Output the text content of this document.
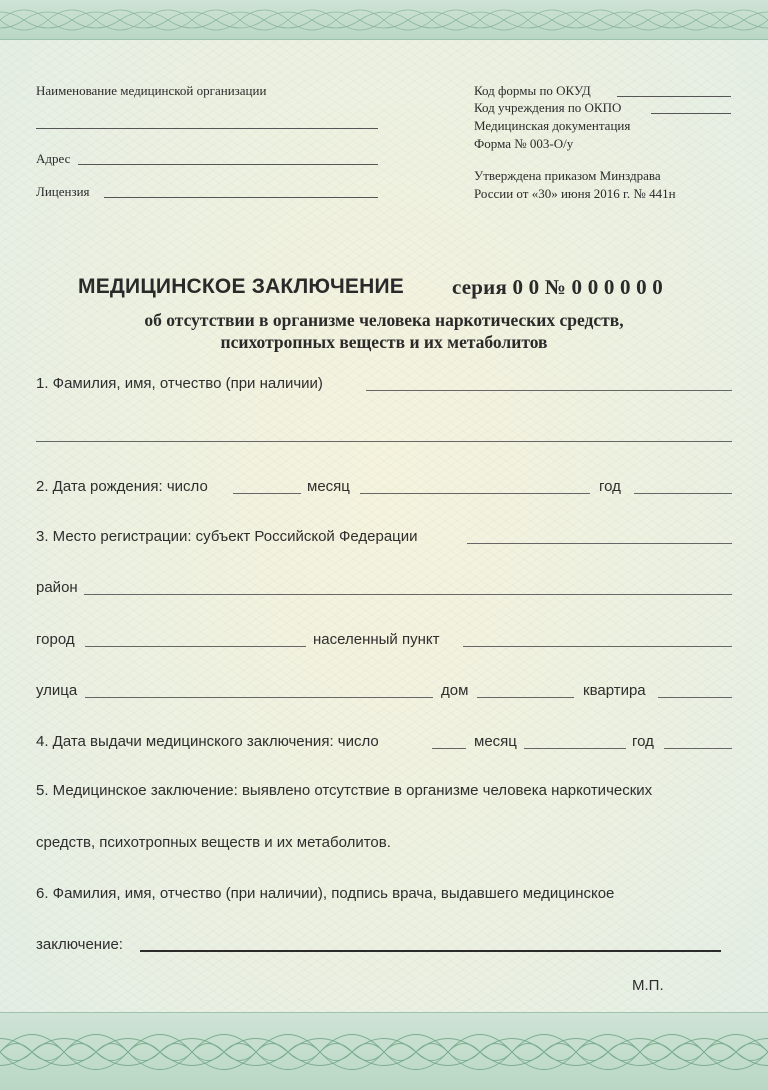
Наименование медицинской организации
Адрес
Лицензия
Код формы по ОКУД
Код учреждения по ОКПО
Медицинская документация
Форма № 003-О/у
Утверждена приказом Минздрава
России от «30» июня 2016 г. № 441н
МЕДИЦИНСКОЕ ЗАКЛЮЧЕНИЕ серия 0 0 № 0 0 0 0 0 0
об отсутствии в организме человека наркотических средств,
психотропных веществ и их метаболитов
1. Фамилия, имя, отчество (при наличии)
2. Дата рождения: число	месяц	год
3. Место регистрации: субъект Российской Федерации
район
город	населенный пункт
улица	дом	квартира
4. Дата выдачи медицинского заключения: число	месяц	год
5. Медицинское заключение: выявлено отсутствие в организме человека наркотических
средств, психотропных веществ и их метаболитов.
6. Фамилия, имя, отчество (при наличии), подпись врача, выдавшего медицинское
заключение:
М.П.
